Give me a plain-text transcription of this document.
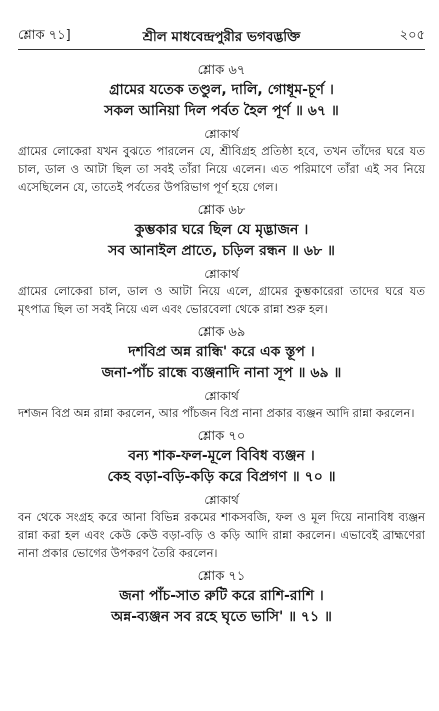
শ্লোক ৭১]	শ্রীল মাধবেন্দ্রপুরীর ভগবদ্ভক্তি	২০৫

শ্লোক ৬৭

গ্রামের যতেক তণ্ডুল, দালি, গোধূম-চূর্ণ ।

সকল আনিয়া দিল পর্বত হৈল পূর্ণ ॥ ৬৭ ॥

শ্লোকার্থ

গ্রামের লোকেরা যখন বুঝতে পারলেন যে, শ্রীবিগ্রহ প্রতিষ্ঠা হবে, তখন তাঁদের ঘরে যত চাল, ডাল ও আটা ছিল তা সবই তাঁরা নিয়ে এলেন। এত পরিমাণে তাঁরা এই সব নিয়ে এসেছিলেন যে, তাতেই পর্বতের উপরিভাগ পূর্ণ হয়ে গেল।

শ্লোক ৬৮

কুম্ভকার ঘরে ছিল যে মৃদ্ভাজন ।

সব আনাইল প্রাতে, চড়িল রন্ধন ॥ ৬৮ ॥

শ্লোকার্থ

গ্রামের লোকেরা চাল, ডাল ও আটা নিয়ে এলে, গ্রামের কুম্ভকারেরা তাদের ঘরে যত মৃৎপাত্র ছিল তা সবই নিয়ে এল এবং ভোরবেলা থেকে রান্না শুরু হল।

শ্লোক ৬৯

দশবিপ্র অন্ন রান্ধি' করে এক স্তূপ ।

জনা-পাঁচ রান্ধে ব্যঞ্জনাদি নানা সূপ ॥ ৬৯ ॥

শ্লোকার্থ

দশজন বিপ্র অন্ন রান্না করলেন, আর পাঁচজন বিপ্র নানা প্রকার ব্যঞ্জন আদি রান্না করলেন।

শ্লোক ৭০

বন্য শাক-ফল-মূলে বিবিধ ব্যঞ্জন ।

কেহ বড়া-বড়ি-কড়ি করে বিপ্রগণ ॥ ৭০ ॥

শ্লোকার্থ

বন থেকে সংগ্রহ করে আনা বিভিন্ন রকমের শাকসবজি, ফল ও মূল দিয়ে নানাবিধ ব্যঞ্জন রান্না করা হল এবং কেউ কেউ বড়া-বড়ি ও কড়ি আদি রান্না করলেন। এভাবেই ব্রাহ্মণেরা নানা প্রকার ভোগের উপকরণ তৈরি করলেন।

শ্লোক ৭১

জনা পাঁচ-সাত রুটি করে রাশি-রাশি ।

অন্ন-ব্যঞ্জন সব রহে ঘৃতে ভাসি' ॥ ৭১ ॥
